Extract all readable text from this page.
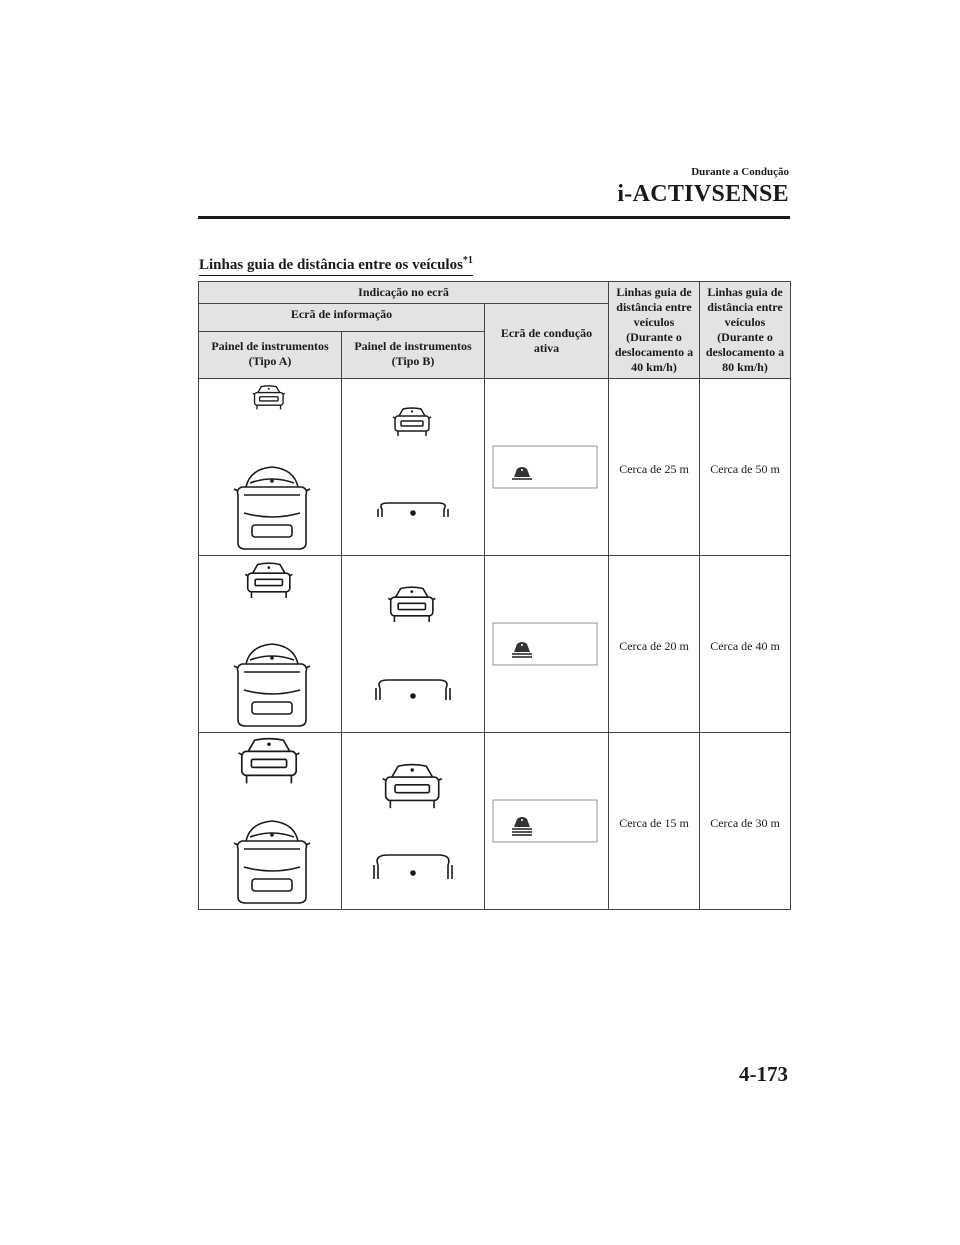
Durante a Condução
i-ACTIVSENSE
Linhas guia de distância entre os veículos$^{*1}$
Indicação no ecrã			Linhas guia de distância entre veículos (Durante o deslocamento a 40 km/h)	Linhas guia de distância entre veículos (Durante o deslocamento a 80 km/h)
Ecrã de informação		Ecrã de condução ativa		
Painel de instrumentos (Tipo A)	Painel de instrumentos (Tipo B)			

Cerca de 25 m	Cerca de 50 m

Cerca de 20 m	Cerca de 40 m

Cerca de 15 m	Cerca de 30 m
4-173
